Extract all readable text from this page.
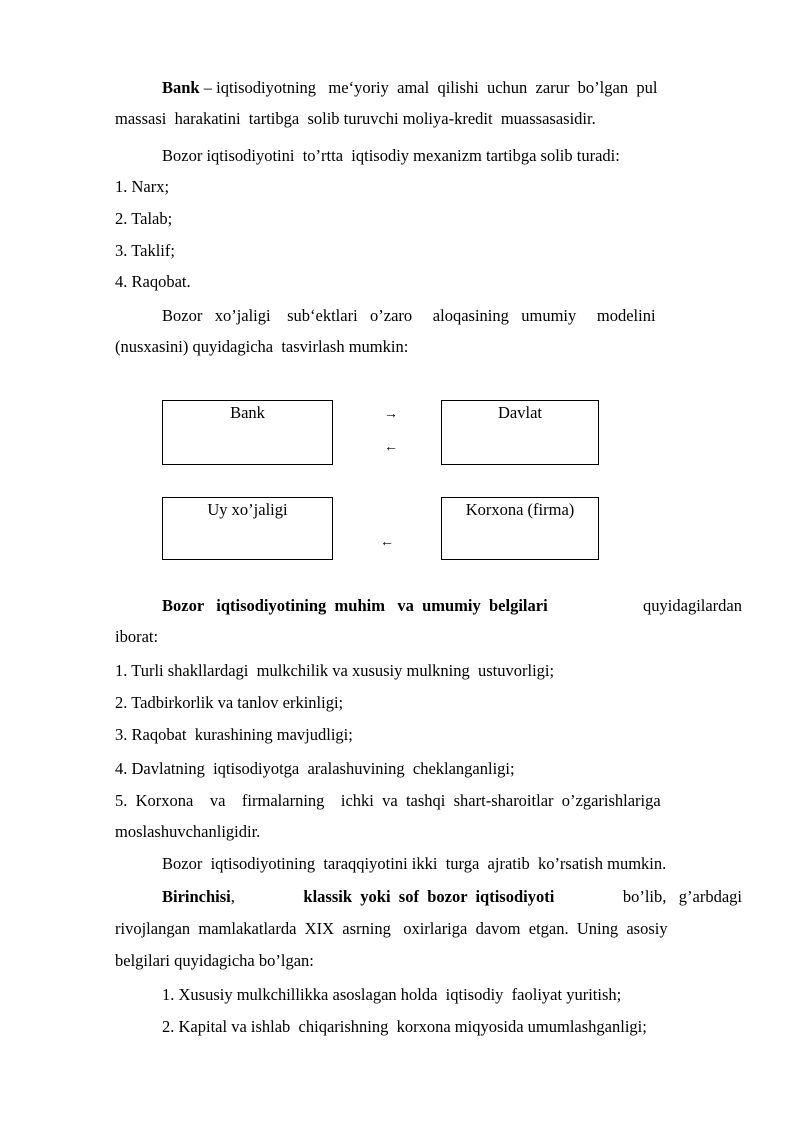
Bank – iqtisodiyotning   me‘yoriy  amal  qilishi  uchun  zarur  bo’lgan  pul
massasi  harakatini  tartibga  solib turuvchi moliya-kredit  muassasasidir.
Bozor iqtisodiyotini  to’rtta  iqtisodiy mexanizm tartibga solib turadi:
1. Narx;
2. Talab;
3. Taklif;
4. Raqobat.
Bozor   xo’jaligi    sub‘ektlari   o’zaro     aloqasining   umumiy     modelini
(nusxasini) quyidagicha  tasvirlash mumkin:
Bank	Davlat
Uy xo’jaligi	Korxona (firma)
→
←
←
Bozor   iqtisodiyotining  muhim   va  umumiy  belgilari	quyidagilardan
iborat:
1. Turli shakllardagi  mulkchilik va xususiy mulkning  ustuvorligi;
2. Tadbirkorlik va tanlov erkinligi;
3. Raqobat  kurashining mavjudligi;
4. Davlatning  iqtisodiyotga  aralashuvining  cheklanganligi;
5.  Korxona    va    firmalarning    ichki  va  tashqi  shart-sharoitlar  o’zgarishlariga
moslashuvchanligidir.
Bozor  iqtisodiyotining  taraqqiyotini ikki  turga  ajratib  ko’rsatish mumkin.
Birinchisi,	klassik  yoki  sof  bozor  iqtisodiyoti	bo’lib,   g’arbdagi
rivojlangan  mamlakatlarda  XIX  asrning   oxirlariga  davom  etgan.  Uning  asosiy
belgilari quyidagicha bo’lgan:
1. Xususiy mulkchillikka asoslagan holda  iqtisodiy  faoliyat yuritish;
2. Kapital va ishlab  chiqarishning  korxona miqyosida umumlashganligi;
